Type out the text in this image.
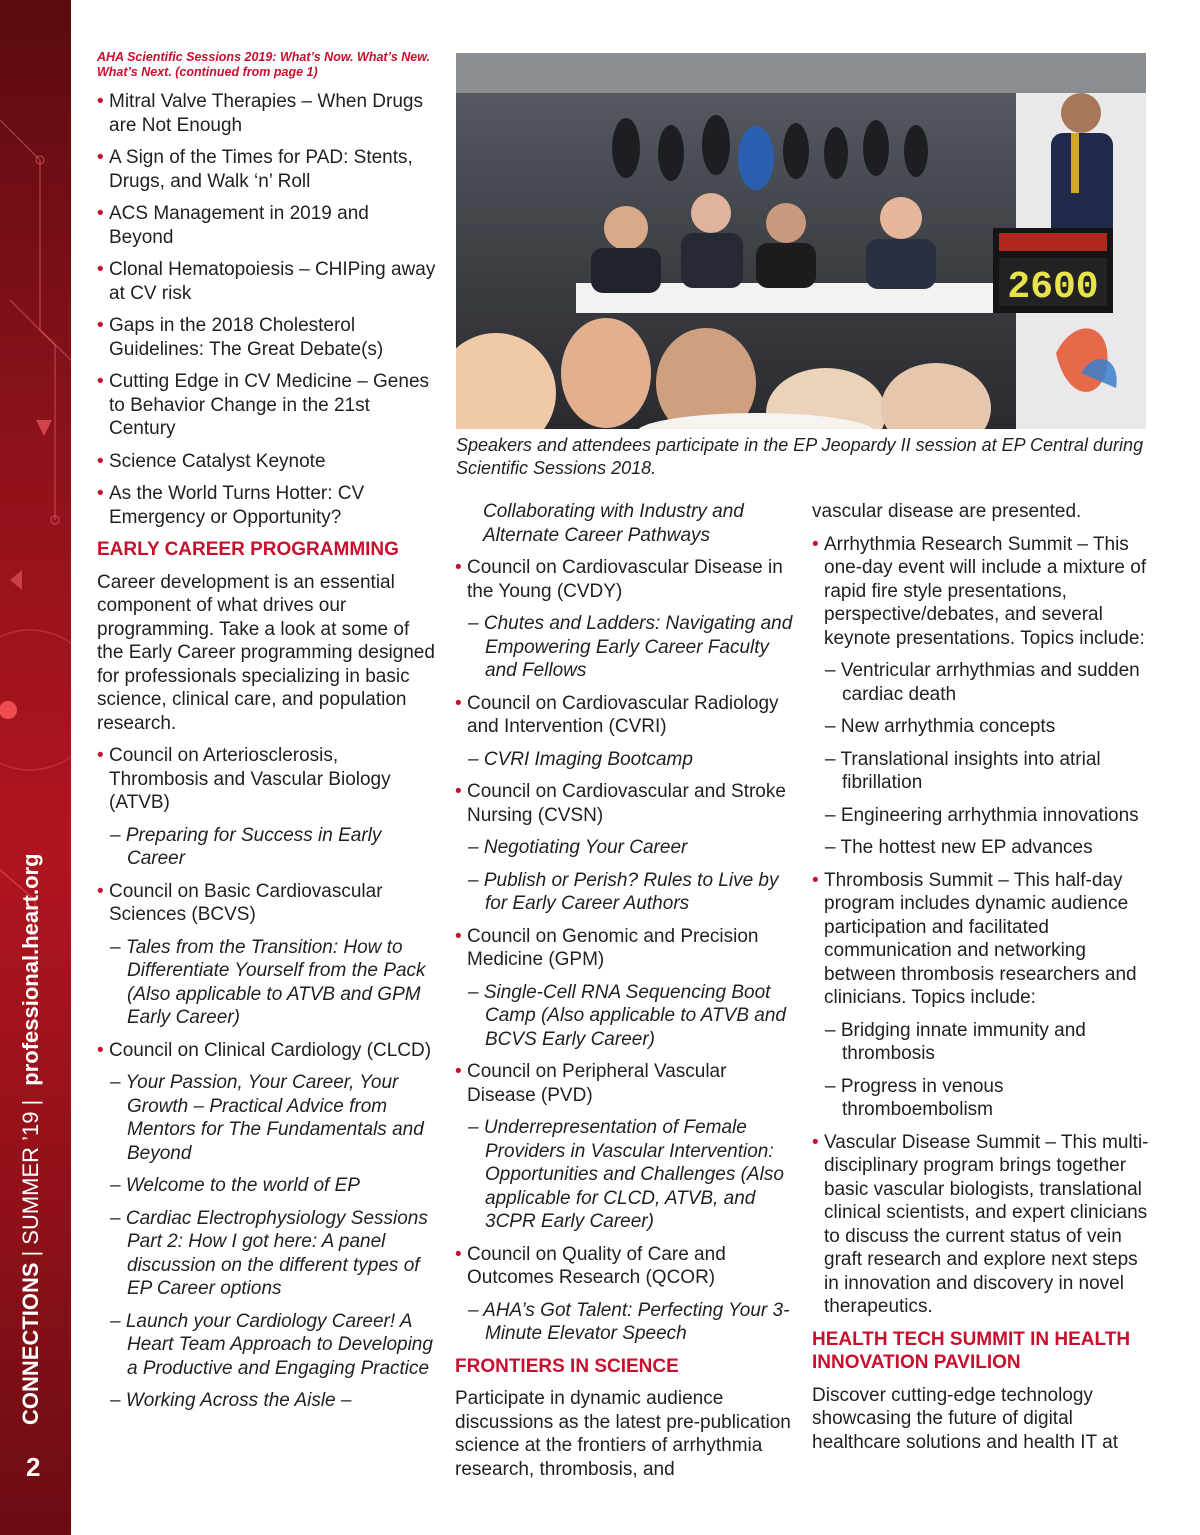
CONNECTIONS|SUMMER ’19|professional.heart.org
2
2600
Speakers and attendees participate in the EP Jeopardy II session at EP Central during Scientific Sessions 2018.
AHA Scientific Sessions 2019: What’s Now. What’s New. What’s Next. (continued from page 1)
• Mitral Valve Therapies – When Drugs are Not Enough
• A Sign of the Times for PAD: Stents, Drugs, and Walk ‘n’ Roll
• ACS Management in 2019 and Beyond
• Clonal Hematopoiesis – CHIPing away at CV risk
• Gaps in the 2018 Cholesterol Guidelines: The Great Debate(s)
• Cutting Edge in CV Medicine – Genes to Behavior Change in the 21st Century
• Science Catalyst Keynote
• As the World Turns Hotter: CV Emergency or Opportunity?
EARLY CAREER PROGRAMMING

Career development is an essential component of what drives our programming. Take a look at some of the Early Career programming designed for professionals specializing in basic science, clinical care, and population research.

• Council on Arteriosclerosis, Thrombosis and Vascular Biology (ATVB)
– Preparing for Success in Early Career
• Council on Basic Cardiovascular Sciences (BCVS)
– Tales from the Transition: How to Differentiate Yourself from the Pack (Also applicable to ATVB and GPM Early Career)
• Council on Clinical Cardiology (CLCD)
– Your Passion, Your Career, Your Growth – Practical Advice from Mentors for The Fundamentals and Beyond
– Welcome to the world of EP
– Cardiac Electrophysiology Sessions Part 2: How I got here: A panel discussion on the different types of EP Career options
– Launch your Cardiology Career! A Heart Team Approach to Developing a Productive and Engaging Practice
– Working Across the Aisle –
Collaborating with Industry and Alternate Career Pathways
• Council on Cardiovascular Disease in the Young (CVDY)
– Chutes and Ladders: Navigating and Empowering Early Career Faculty and Fellows
• Council on Cardiovascular Radiology and Intervention (CVRI)
– CVRI Imaging Bootcamp
• Council on Cardiovascular and Stroke Nursing (CVSN)
– Negotiating Your Career
– Publish or Perish? Rules to Live by for Early Career Authors
• Council on Genomic and Precision Medicine (GPM)
– Single-Cell RNA Sequencing Boot Camp (Also applicable to ATVB and BCVS Early Career)
• Council on Peripheral Vascular Disease (PVD)
– Underrepresentation of Female Providers in Vascular Intervention: Opportunities and Challenges (Also applicable for CLCD, ATVB, and 3CPR Early Career)
• Council on Quality of Care and Outcomes Research (QCOR)
– AHA’s Got Talent: Perfecting Your 3-Minute Elevator Speech
FRONTIERS IN SCIENCE

Participate in dynamic audience discussions as the latest pre-publication science at the frontiers of arrhythmia research, thrombosis, and

vascular disease are presented.

• Arrhythmia Research Summit – This one-day event will include a mixture of rapid fire style presentations, perspective/debates, and several keynote presentations. Topics include:
– Ventricular arrhythmias and sudden cardiac death
– New arrhythmia concepts
– Translational insights into atrial fibrillation
– Engineering arrhythmia innovations
– The hottest new EP advances
• Thrombosis Summit – This half-day program includes dynamic audience participation and facilitated communication and networking between thrombosis researchers and clinicians. Topics include:
– Bridging innate immunity and thrombosis
– Progress in venous thromboembolism
• Vascular Disease Summit – This multi-disciplinary program brings together basic vascular biologists, translational clinical scientists, and expert clinicians to discuss the current status of vein graft research and explore next steps in innovation and discovery in novel therapeutics.
HEALTH TECH SUMMIT IN HEALTH INNOVATION PAVILION

Discover cutting-edge technology showcasing the future of digital healthcare solutions and health IT at
